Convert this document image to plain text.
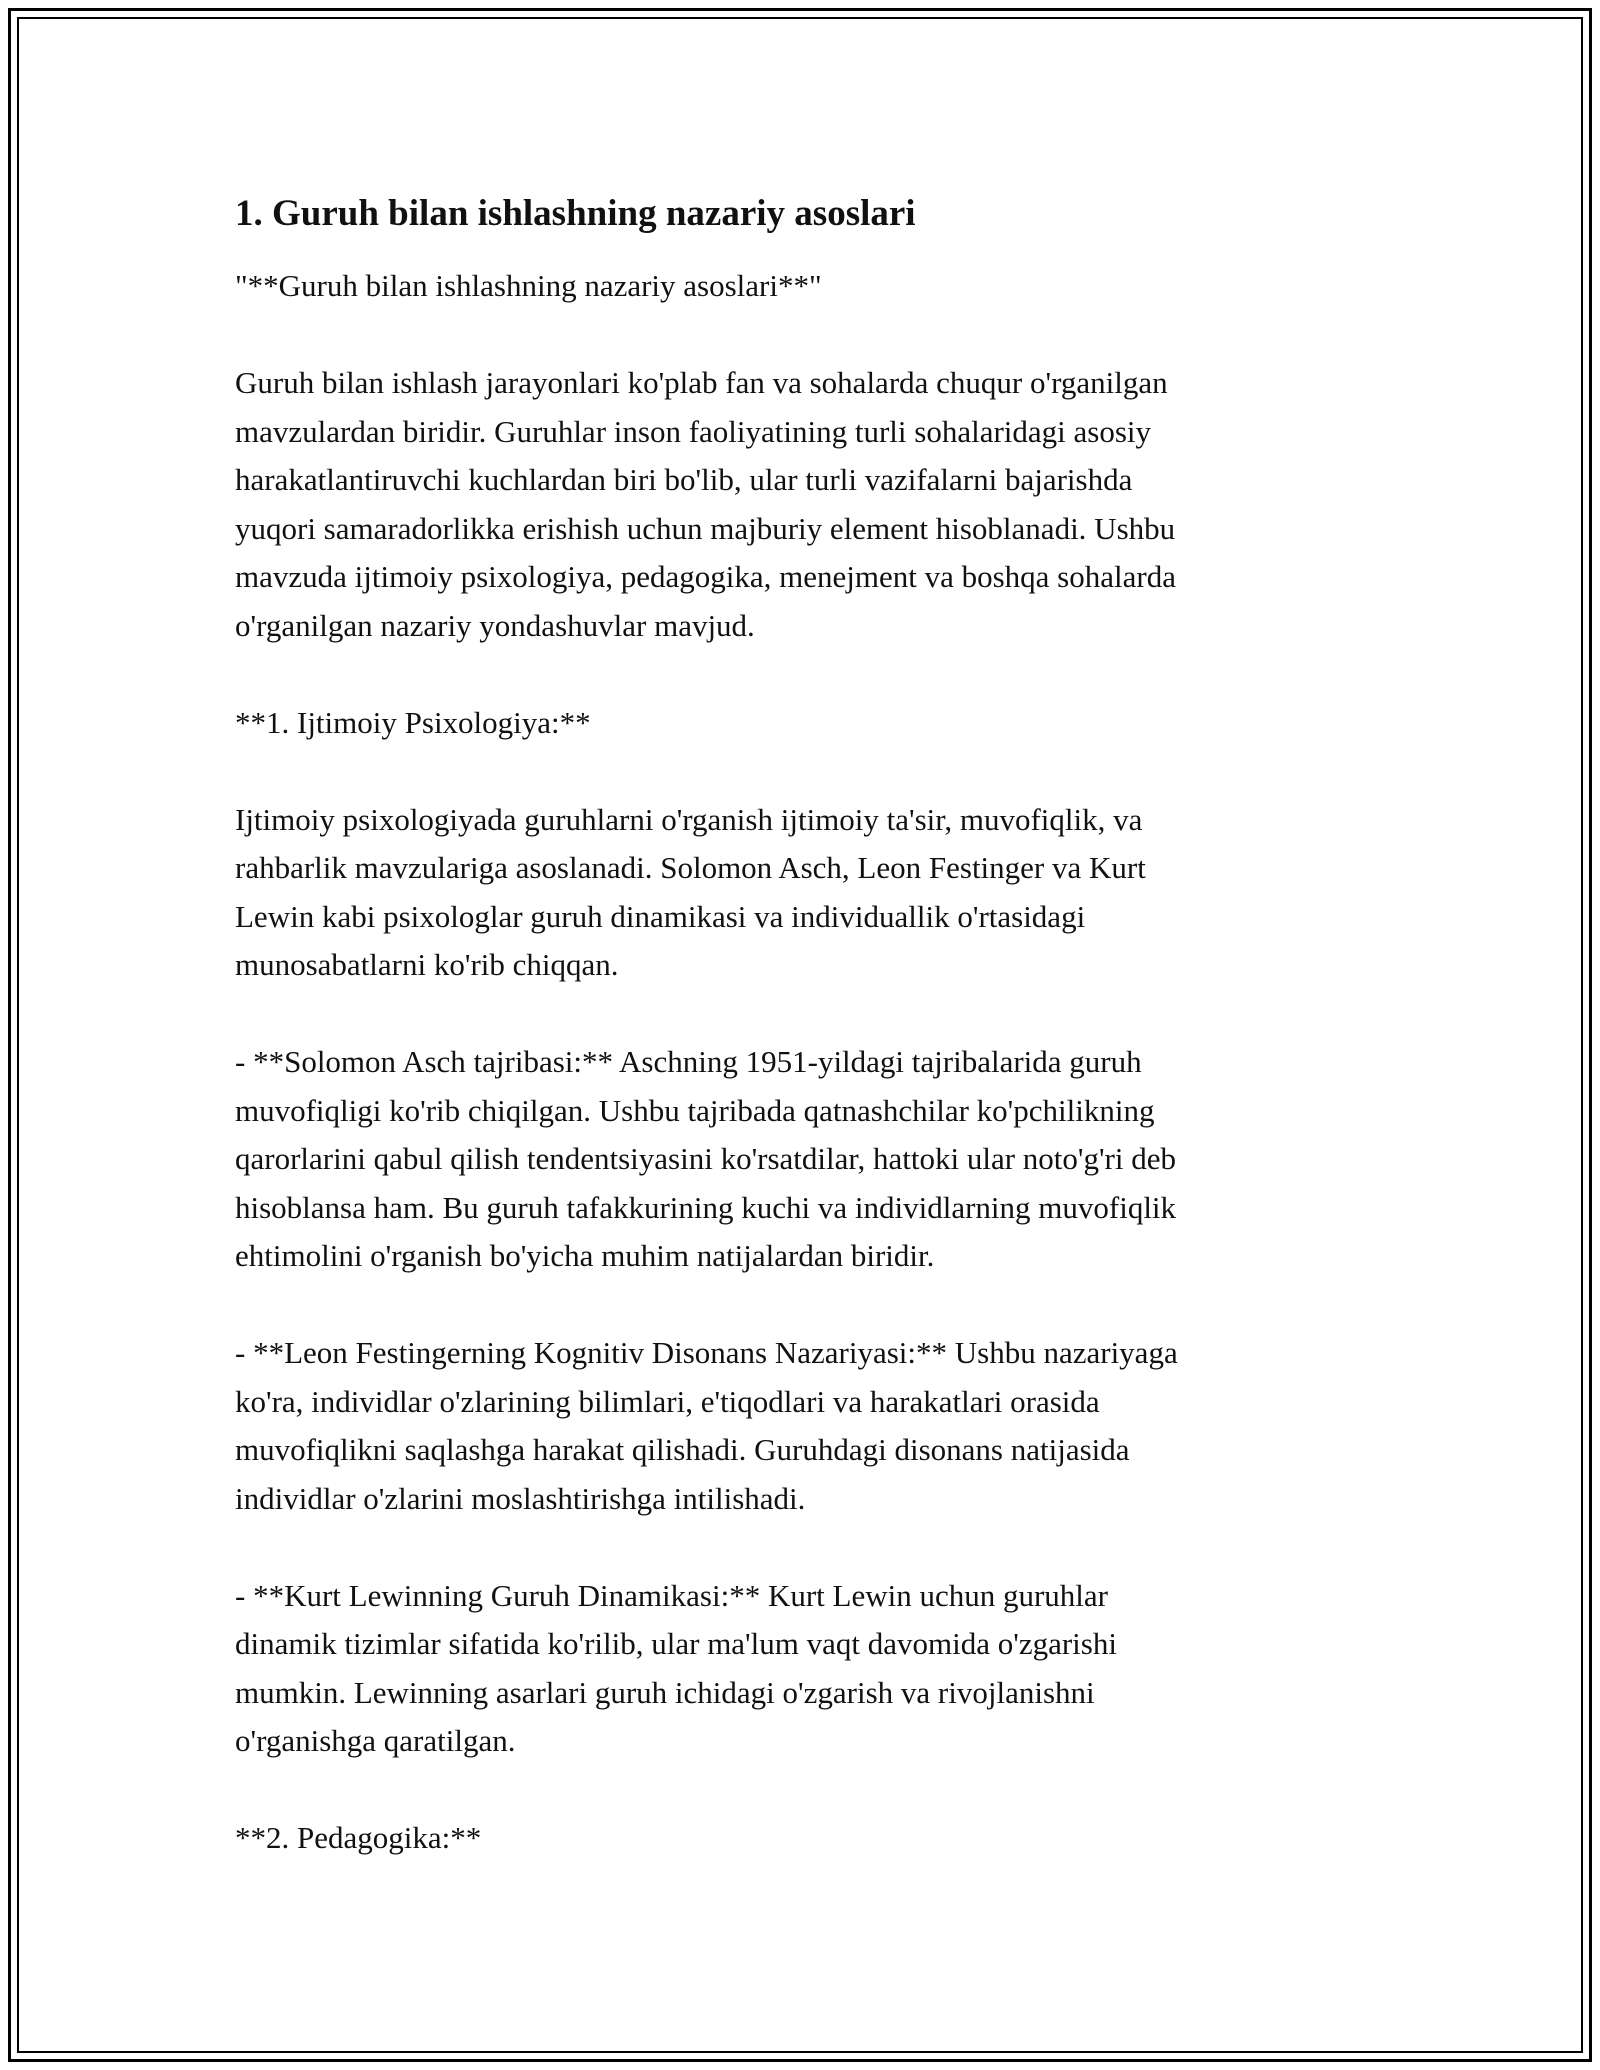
1. Guruh bilan ishlashning nazariy asoslari

"**Guruh bilan ishlashning nazariy asoslari**"

Guruh bilan ishlash jarayonlari ko'plab fan va sohalarda chuqur o'rganilgan
mavzulardan biridir. Guruhlar inson faoliyatining turli sohalaridagi asosiy
harakatlantiruvchi kuchlardan biri bo'lib, ular turli vazifalarni bajarishda
yuqori samaradorlikka erishish uchun majburiy element hisoblanadi. Ushbu
mavzuda ijtimoiy psixologiya, pedagogika, menejment va boshqa sohalarda
o'rganilgan nazariy yondashuvlar mavjud.

**1. Ijtimoiy Psixologiya:**

Ijtimoiy psixologiyada guruhlarni o'rganish ijtimoiy ta'sir, muvofiqlik, va
rahbarlik mavzulariga asoslanadi. Solomon Asch, Leon Festinger va Kurt
Lewin kabi psixologlar guruh dinamikasi va individuallik o'rtasidagi
munosabatlarni ko'rib chiqqan.

- **Solomon Asch tajribasi:** Aschning 1951-yildagi tajribalarida guruh
muvofiqligi ko'rib chiqilgan. Ushbu tajribada qatnashchilar ko'pchilikning
qarorlarini qabul qilish tendentsiyasini ko'rsatdilar, hattoki ular noto'g'ri deb
hisoblansa ham. Bu guruh tafakkurining kuchi va individlarning muvofiqlik
ehtimolini o'rganish bo'yicha muhim natijalardan biridir.

- **Leon Festingerning Kognitiv Disonans Nazariyasi:** Ushbu nazariyaga
ko'ra, individlar o'zlarining bilimlari, e'tiqodlari va harakatlari orasida
muvofiqlikni saqlashga harakat qilishadi. Guruhdagi disonans natijasida
individlar o'zlarini moslashtirishga intilishadi.

- **Kurt Lewinning Guruh Dinamikasi:** Kurt Lewin uchun guruhlar
dinamik tizimlar sifatida ko'rilib, ular ma'lum vaqt davomida o'zgarishi
mumkin. Lewinning asarlari guruh ichidagi o'zgarish va rivojlanishni
o'rganishga qaratilgan.

**2. Pedagogika:**
